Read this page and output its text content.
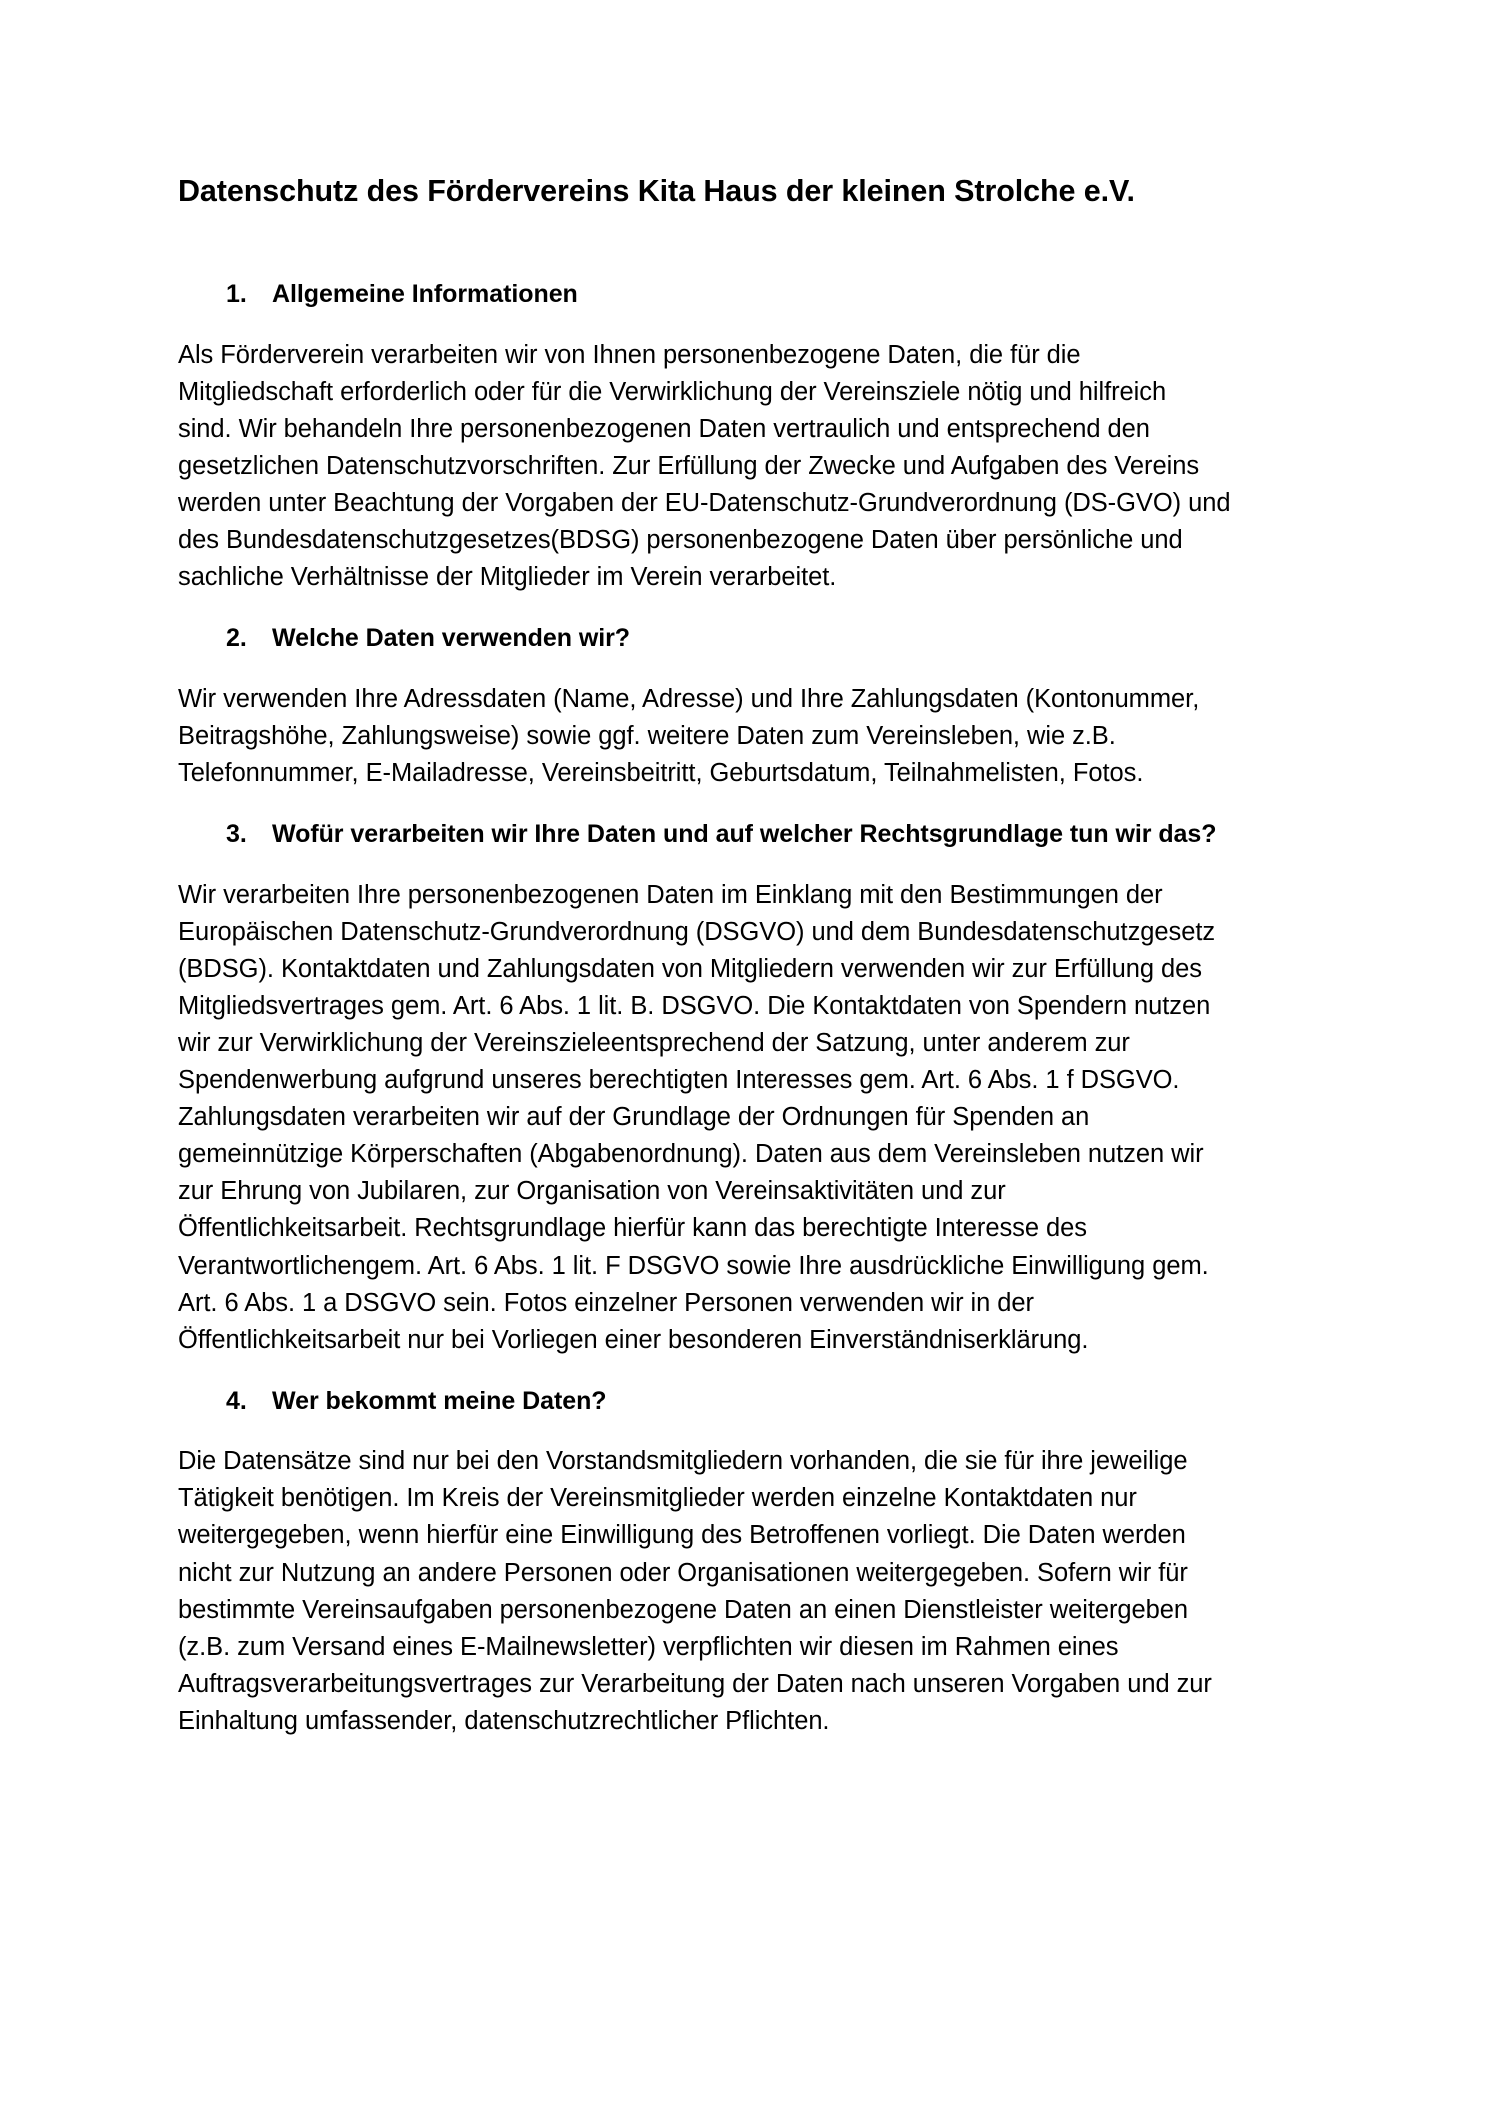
Datenschutz des Fördervereins Kita Haus der kleinen Strolche e.V.
1.	Allgemeine Informationen

Als Förderverein verarbeiten wir von Ihnen personenbezogene Daten, die für die
Mitgliedschaft erforderlich oder für die Verwirklichung der Vereinsziele nötig und hilfreich
sind. Wir behandeln Ihre personenbezogenen Daten vertraulich und entsprechend den
gesetzlichen Datenschutzvorschriften. Zur Erfüllung der Zwecke und Aufgaben des Vereins
werden unter Beachtung der Vorgaben der EU-Datenschutz-Grundverordnung (DS-GVO) und
des Bundesdatenschutzgesetzes(BDSG) personenbezogene Daten über persönliche und
sachliche Verhältnisse der Mitglieder im Verein verarbeitet.

2.	Welche Daten verwenden wir?

Wir verwenden Ihre Adressdaten (Name, Adresse) und Ihre Zahlungsdaten (Kontonummer,
Beitragshöhe, Zahlungsweise) sowie ggf. weitere Daten zum Vereinsleben, wie z.B.
Telefonnummer, E-Mailadresse, Vereinsbeitritt, Geburtsdatum, Teilnahmelisten, Fotos.

3.	Wofür verarbeiten wir Ihre Daten und auf welcher Rechtsgrundlage tun wir das?

Wir verarbeiten Ihre personenbezogenen Daten im Einklang mit den Bestimmungen der
Europäischen Datenschutz-Grundverordnung (DSGVO) und dem Bundesdatenschutzgesetz
(BDSG). Kontaktdaten und Zahlungsdaten von Mitgliedern verwenden wir zur Erfüllung des
Mitgliedsvertrages gem. Art. 6 Abs. 1 lit. B. DSGVO. Die Kontaktdaten von Spendern nutzen
wir zur Verwirklichung der Vereinszieleentsprechend der Satzung, unter anderem zur
Spendenwerbung aufgrund unseres berechtigten Interesses gem. Art. 6 Abs. 1 f DSGVO.
Zahlungsdaten verarbeiten wir auf der Grundlage der Ordnungen für Spenden an
gemeinnützige Körperschaften (Abgabenordnung). Daten aus dem Vereinsleben nutzen wir
zur Ehrung von Jubilaren, zur Organisation von Vereinsaktivitäten und zur
Öffentlichkeitsarbeit. Rechtsgrundlage hierfür kann das berechtigte Interesse des
Verantwortlichengem. Art. 6 Abs. 1 lit. F DSGVO sowie Ihre ausdrückliche Einwilligung gem.
Art. 6 Abs. 1 a DSGVO sein. Fotos einzelner Personen verwenden wir in der
Öffentlichkeitsarbeit nur bei Vorliegen einer besonderen Einverständniserklärung.

4.	Wer bekommt meine Daten?

Die Datensätze sind nur bei den Vorstandsmitgliedern vorhanden, die sie für ihre jeweilige
Tätigkeit benötigen. Im Kreis der Vereinsmitglieder werden einzelne Kontaktdaten nur
weitergegeben, wenn hierfür eine Einwilligung des Betroffenen vorliegt. Die Daten werden
nicht zur Nutzung an andere Personen oder Organisationen weitergegeben. Sofern wir für
bestimmte Vereinsaufgaben personenbezogene Daten an einen Dienstleister weitergeben
(z.B. zum Versand eines E-Mailnewsletter) verpflichten wir diesen im Rahmen eines
Auftragsverarbeitungsvertrages zur Verarbeitung der Daten nach unseren Vorgaben und zur
Einhaltung umfassender, datenschutzrechtlicher Pflichten.
